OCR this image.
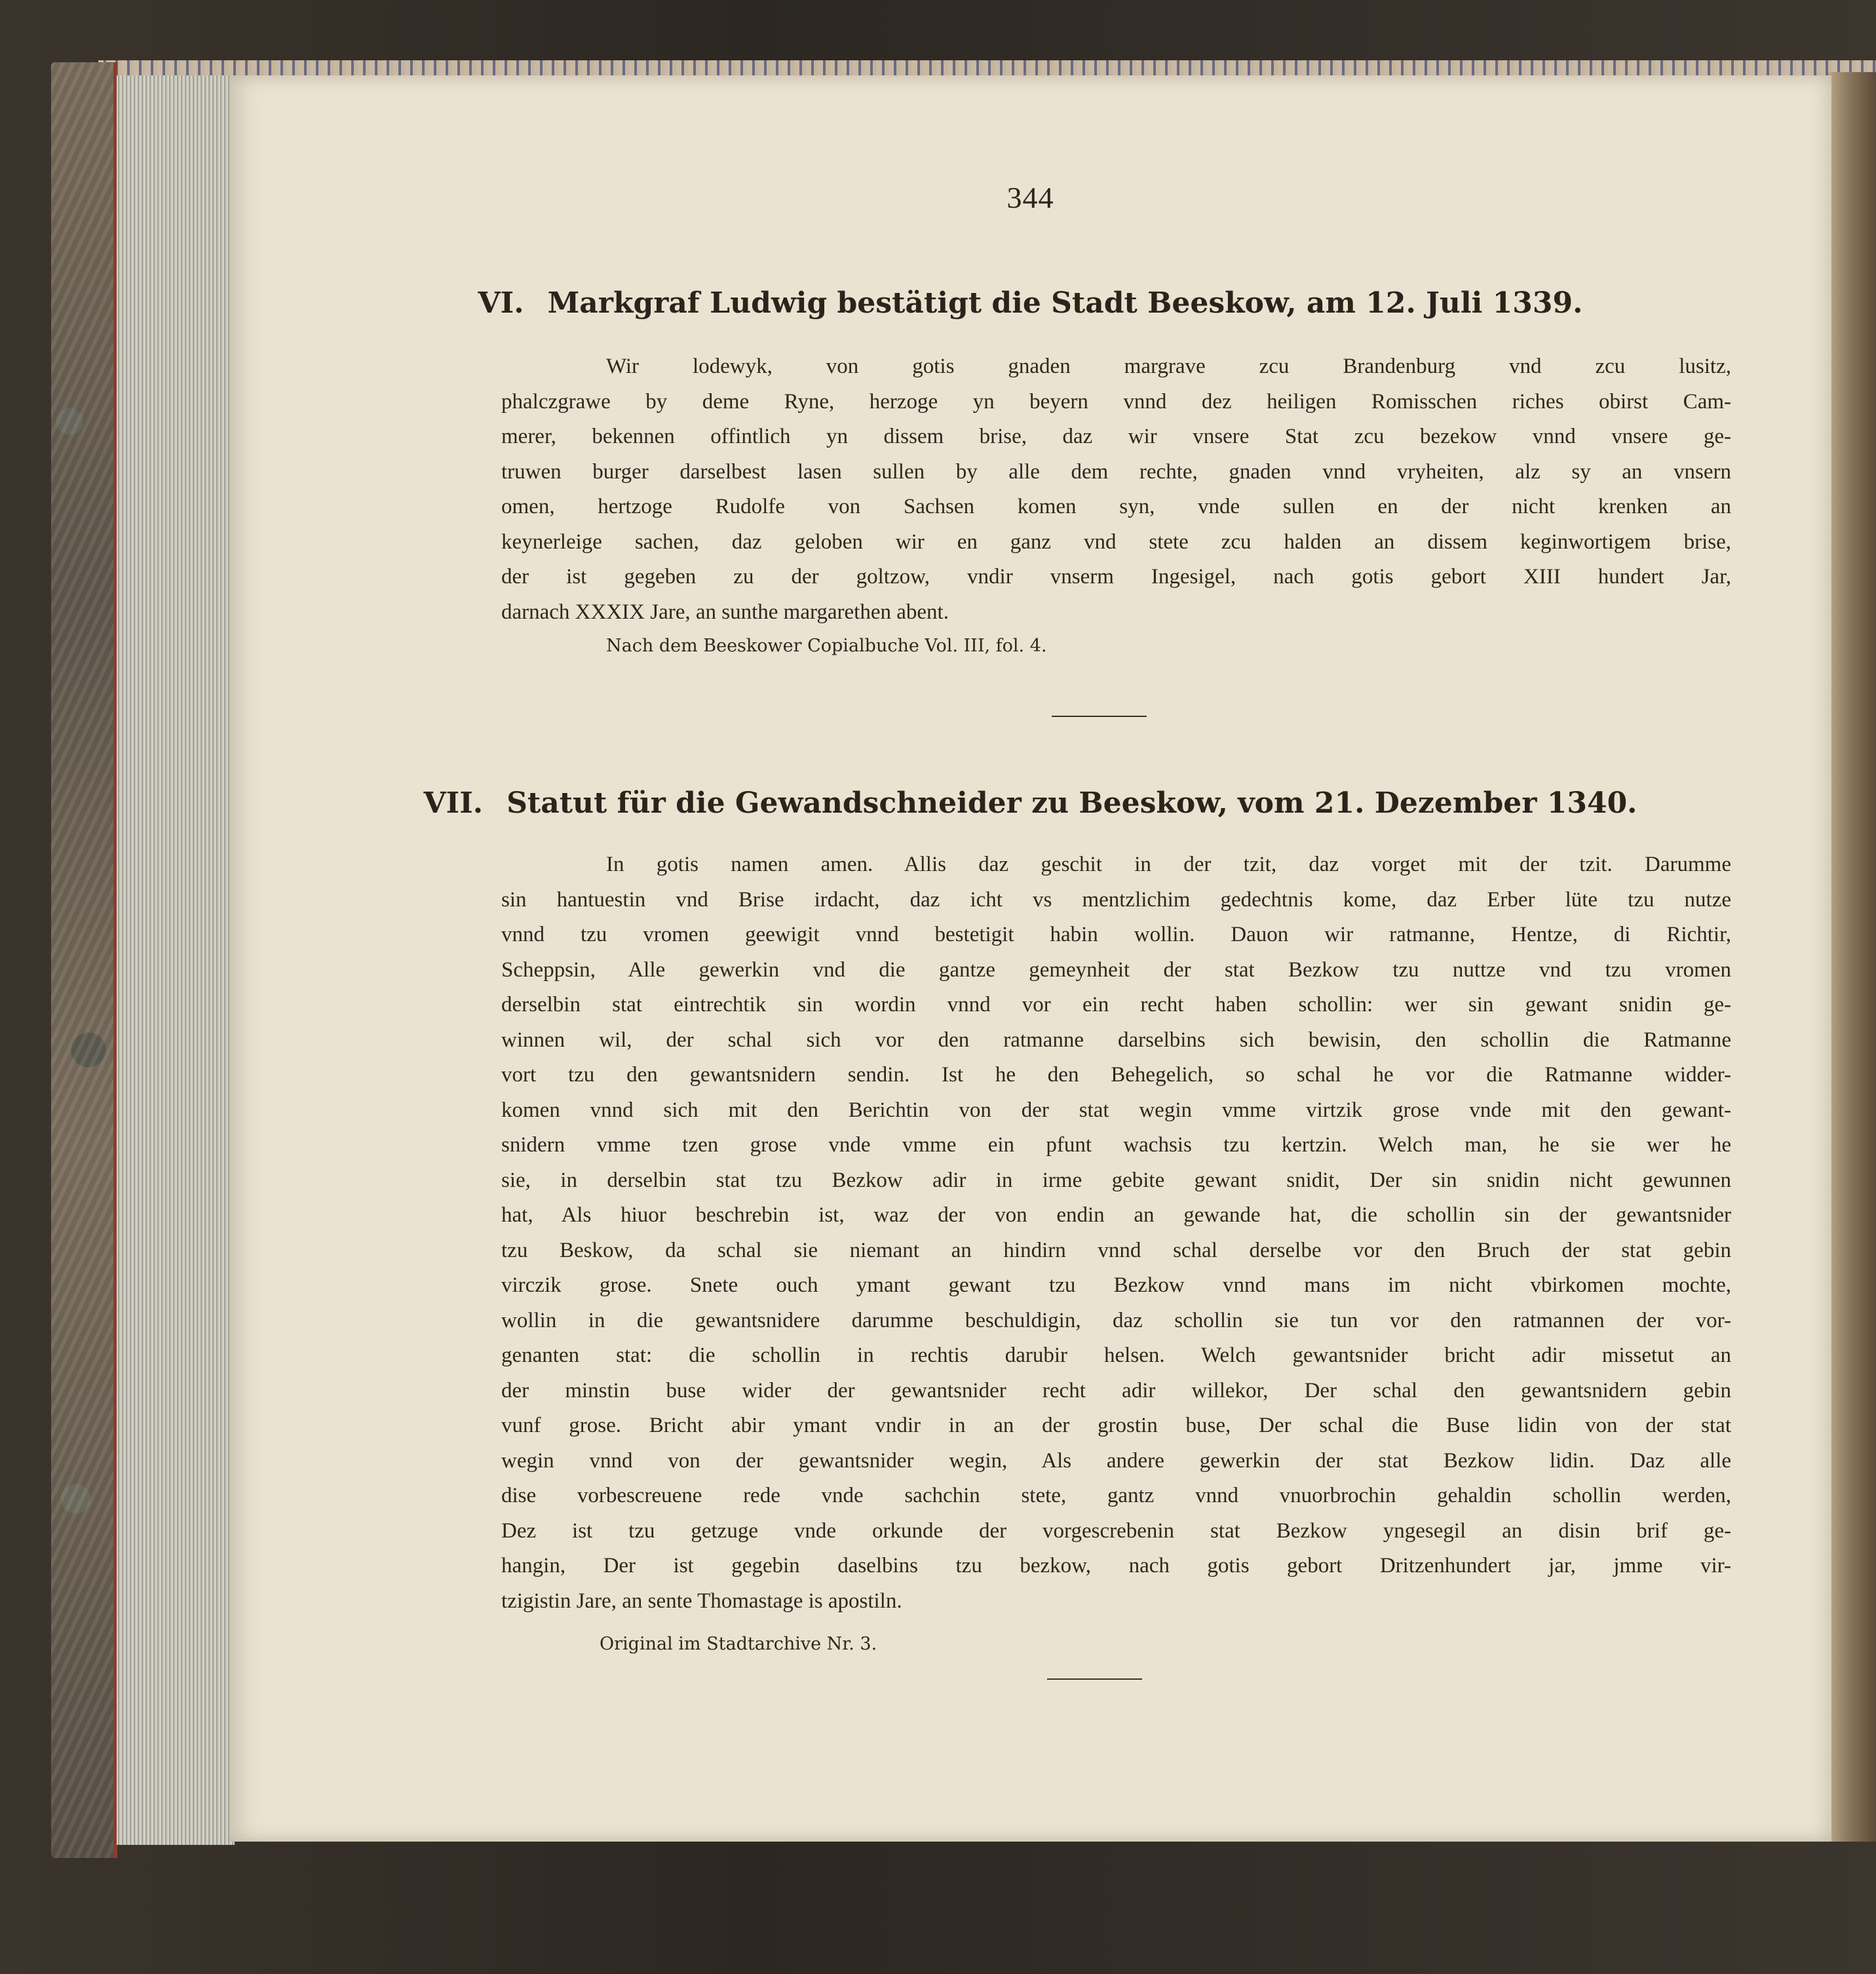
344
VI. Markgraf Ludwig bestätigt die Stadt Beeskow, am 12. Juli 1339.
Wir lodewyk, von gotis gnaden margrave zcu Brandenburg vnd zcu lusitz,
phalczgrawe by deme Ryne, herzoge yn beyern vnnd dez heiligen Romisschen riches obirst Cam-
merer, bekennen offintlich yn dissem brise, daz wir vnsere Stat zcu bezekow vnnd vnsere ge-
truwen burger darselbest lasen sullen by alle dem rechte, gnaden vnnd vryheiten, alz sy an vnsern
omen, hertzoge Rudolfe von Sachsen komen syn, vnde sullen en der nicht krenken an
keynerleige sachen, daz geloben wir en ganz vnd stete zcu halden an dissem keginwortigem brise,
der ist gegeben zu der goltzow, vndir vnserm Ingesigel, nach gotis gebort XIII hundert Jar,
darnach XXXIX Jare, an sunthe margarethen abent.
Nach dem Beeskower Copialbuche Vol. III, fol. 4.
VII. Statut für die Gewandschneider zu Beeskow, vom 21. Dezember 1340.
In gotis namen amen. Allis daz geschit in der tzit, daz vorget mit der tzit. Darumme
sin hantuestin vnd Brise irdacht, daz icht vs mentzlichim gedechtnis kome, daz Erber lüte tzu nutze
vnnd tzu vromen geewigit vnnd bestetigit habin wollin. Dauon wir ratmanne, Hentze, di Richtir,
Scheppsin, Alle gewerkin vnd die gantze gemeynheit der stat Bezkow tzu nuttze vnd tzu vromen
derselbin stat eintrechtik sin wordin vnnd vor ein recht haben schollin: wer sin gewant snidin ge-
winnen wil, der schal sich vor den ratmanne darselbins sich bewisin, den schollin die Ratmanne
vort tzu den gewantsnidern sendin. Ist he den Behegelich, so schal he vor die Ratmanne widder-
komen vnnd sich mit den Berichtin von der stat wegin vmme virtzik grose vnde mit den gewant-
snidern vmme tzen grose vnde vmme ein pfunt wachsis tzu kertzin. Welch man, he sie wer he
sie, in derselbin stat tzu Bezkow adir in irme gebite gewant snidit, Der sin snidin nicht gewunnen
hat, Als hiuor beschrebin ist, waz der von endin an gewande hat, die schollin sin der gewantsnider
tzu Beskow, da schal sie niemant an hindirn vnnd schal derselbe vor den Bruch der stat gebin
virczik grose. Snete ouch ymant gewant tzu Bezkow vnnd mans im nicht vbirkomen mochte,
wollin in die gewantsnidere darumme beschuldigin, daz schollin sie tun vor den ratmannen der vor-
genanten stat: die schollin in rechtis darubir helsen. Welch gewantsnider bricht adir missetut an
der minstin buse wider der gewantsnider recht adir willekor, Der schal den gewantsnidern gebin
vunf grose. Bricht abir ymant vndir in an der grostin buse, Der schal die Buse lidin von der stat
wegin vnnd von der gewantsnider wegin, Als andere gewerkin der stat Bezkow lidin. Daz alle
dise vorbescreuene rede vnde sachchin stete, gantz vnnd vnuorbrochin gehaldin schollin werden,
Dez ist tzu getzuge vnde orkunde der vorgescrebenin stat Bezkow yngesegil an disin brif ge-
hangin, Der ist gegebin daselbins tzu bezkow, nach gotis gebort Dritzenhundert jar, jmme vir-
tzigistin Jare, an sente Thomastage is apostiln.
Original im Stadtarchive Nr. 3.
